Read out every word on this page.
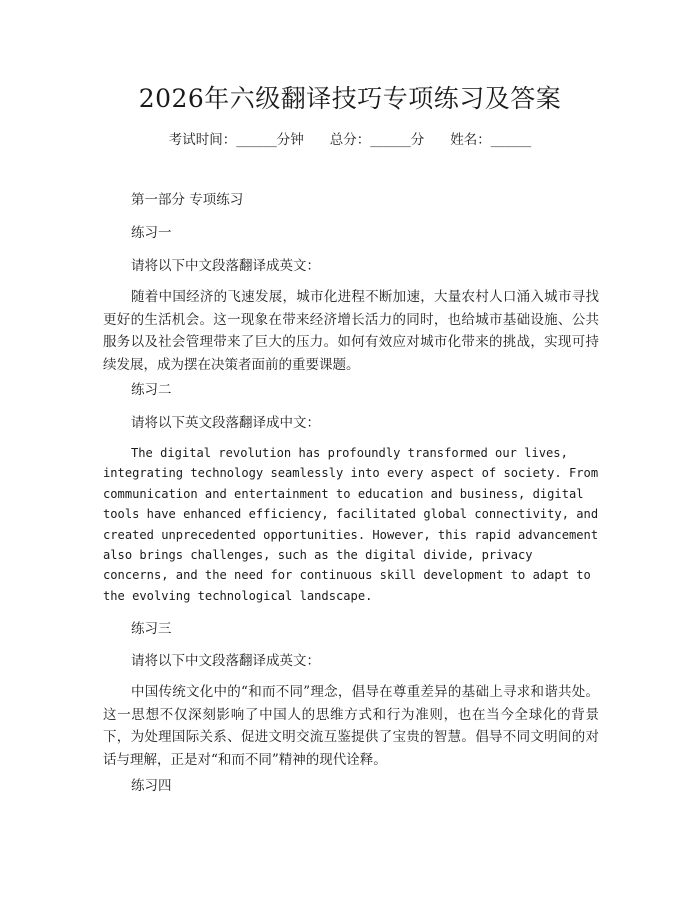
2026年六级翻译技巧专项练习及答案
考试时间：______分钟 总分：______分 姓名：______
第一部分 专项练习
练习一
请将以下中文段落翻译成英文：
随着中国经济的飞速发展，城市化进程不断加速，大量农村人口涌入城市寻找更好的生活机会。这一现象在带来经济增长活力的同时，也给城市基础设施、公共服务以及社会管理带来了巨大的压力。如何有效应对城市化带来的挑战，实现可持续发展，成为摆在决策者面前的重要课题。
练习二
请将以下英文段落翻译成中文：
The digital revolution has profoundly transformed our lives, integrating technology seamlessly into every aspect of society. From communication and entertainment to education and business, digital tools have enhanced efficiency, facilitated global connectivity, and created unprecedented opportunities. However, this rapid advancement also brings challenges, such as the digital divide, privacy concerns, and the need for continuous skill development to adapt to the evolving technological landscape.
练习三
请将以下中文段落翻译成英文：
中国传统文化中的“和而不同”理念，倡导在尊重差异的基础上寻求和谐共处。这一思想不仅深刻影响了中国人的思维方式和行为准则，也在当今全球化的背景下，为处理国际关系、促进文明交流互鉴提供了宝贵的智慧。倡导不同文明间的对话与理解，正是对“和而不同”精神的现代诠释。
练习四
